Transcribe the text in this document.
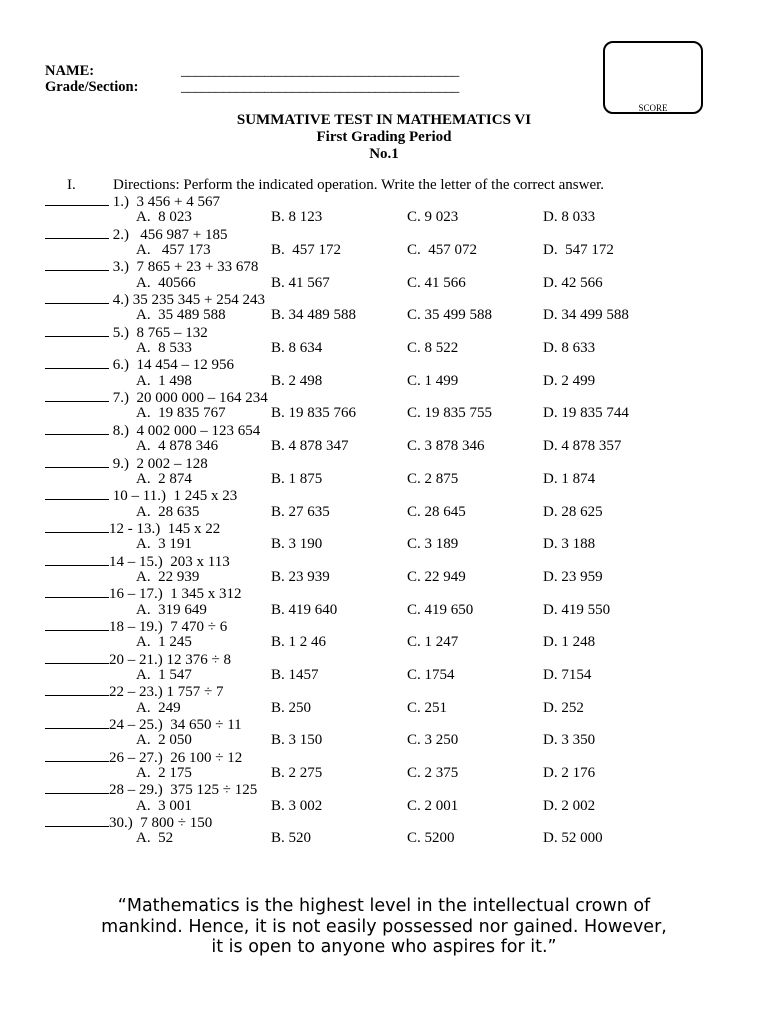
NAME:	________________________________________
Grade/Section:	________________________________________
SCORE
SUMMATIVE TEST IN MATHEMATICS VI
First Grading Period
No.1
I. Directions: Perform the indicated operation. Write the letter of the correct answer.
1.)  3 456 + 4 567
A.  8 023	B. 8 123	C. 9 023	D. 8 033
2.)   456 987 + 185
A.   457 173	B.  457 172	C.  457 072	D.  547 172
3.)  7 865 + 23 + 33 678
A.  40566	B. 41 567	C. 41 566	D. 42 566
4.) 35 235 345 + 254 243
A.  35 489 588	B. 34 489 588	C. 35 499 588	D. 34 499 588
5.)  8 765 – 132
A.  8 533	B. 8 634	C. 8 522	D. 8 633
6.)  14 454 – 12 956
A.  1 498	B. 2 498	C. 1 499	D. 2 499
7.)  20 000 000 – 164 234
A.  19 835 767	B. 19 835 766	C. 19 835 755	D. 19 835 744
8.)  4 002 000 – 123 654
A.  4 878 346	B. 4 878 347	C. 3 878 346	D. 4 878 357
9.)  2 002 – 128
A.  2 874	B. 1 875	C. 2 875	D. 1 874
10 – 11.)  1 245 x 23
A.  28 635	B. 27 635	C. 28 645	D. 28 625
12 - 13.)  145 x 22
A.  3 191	B. 3 190	C. 3 189	D. 3 188
14 – 15.)  203 x 113
A.  22 939	B. 23 939	C. 22 949	D. 23 959
16 – 17.)  1 345 x 312
A.  319 649	B. 419 640	C. 419 650	D. 419 550
18 – 19.)  7 470 ÷ 6
A.  1 245	B. 1 2 46	C. 1 247	D. 1 248
20 – 21.) 12 376 ÷ 8
A.  1 547	B. 1457	C. 1754	D. 7154
22 – 23.) 1 757 ÷ 7
A.  249	B. 250	C. 251	D. 252
24 – 25.)  34 650 ÷ 11
A.  2 050	B. 3 150	C. 3 250	D. 3 350
26 – 27.)  26 100 ÷ 12
A.  2 175	B. 2 275	C. 2 375	D. 2 176
28 – 29.)  375 125 ÷ 125
A.  3 001	B. 3 002	C. 2 001	D. 2 002
30.)  7 800 ÷ 150
A.  52	B. 520	C. 5200	D. 52 000
“Mathematics is the highest level in the intellectual crown of
mankind. Hence, it is not easily possessed nor gained. However,
it is open to anyone who aspires for it.”
